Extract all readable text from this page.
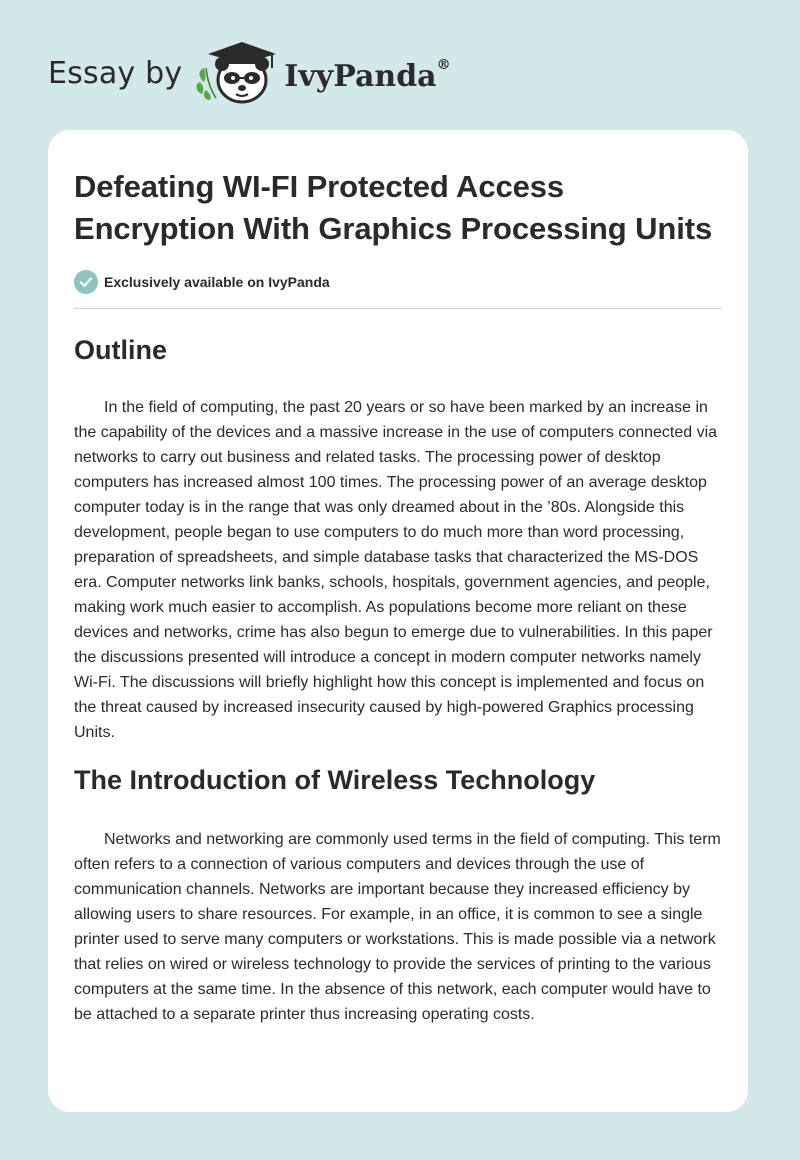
Essay by	IvyPanda®
Defeating WI-FI Protected Access Encryption With Graphics Processing Units
Exclusively available on IvyPanda
Outline

In the field of computing, the past 20 years or so have been marked by an increase in the capability of the devices and a massive increase in the use of computers connected via networks to carry out business and related tasks. The processing power of desktop computers has increased almost 100 times. The processing power of an average desktop computer today is in the range that was only dreamed about in the ’80s. Alongside this development, people began to use computers to do much more than word processing, preparation of spreadsheets, and simple database tasks that characterized the MS-DOS era. Computer networks link banks, schools, hospitals, government agencies, and people, making work much easier to accomplish. As populations become more reliant on these devices and networks, crime has also begun to emerge due to vulnerabilities. In this paper the discussions presented will introduce a concept in modern computer networks namely Wi-Fi. The discussions will briefly highlight how this concept is implemented and focus on the threat caused by increased insecurity caused by high-powered Graphics processing Units.

The Introduction of Wireless Technology

Networks and networking are commonly used terms in the field of computing. This term often refers to a connection of various computers and devices through the use of communication channels. Networks are important because they increased efficiency by allowing users to share resources. For example, in an office, it is common to see a single printer used to serve many computers or workstations. This is made possible via a network that relies on wired or wireless technology to provide the services of printing to the various computers at the same time. In the absence of this network, each computer would have to be attached to a separate printer thus increasing operating costs.
